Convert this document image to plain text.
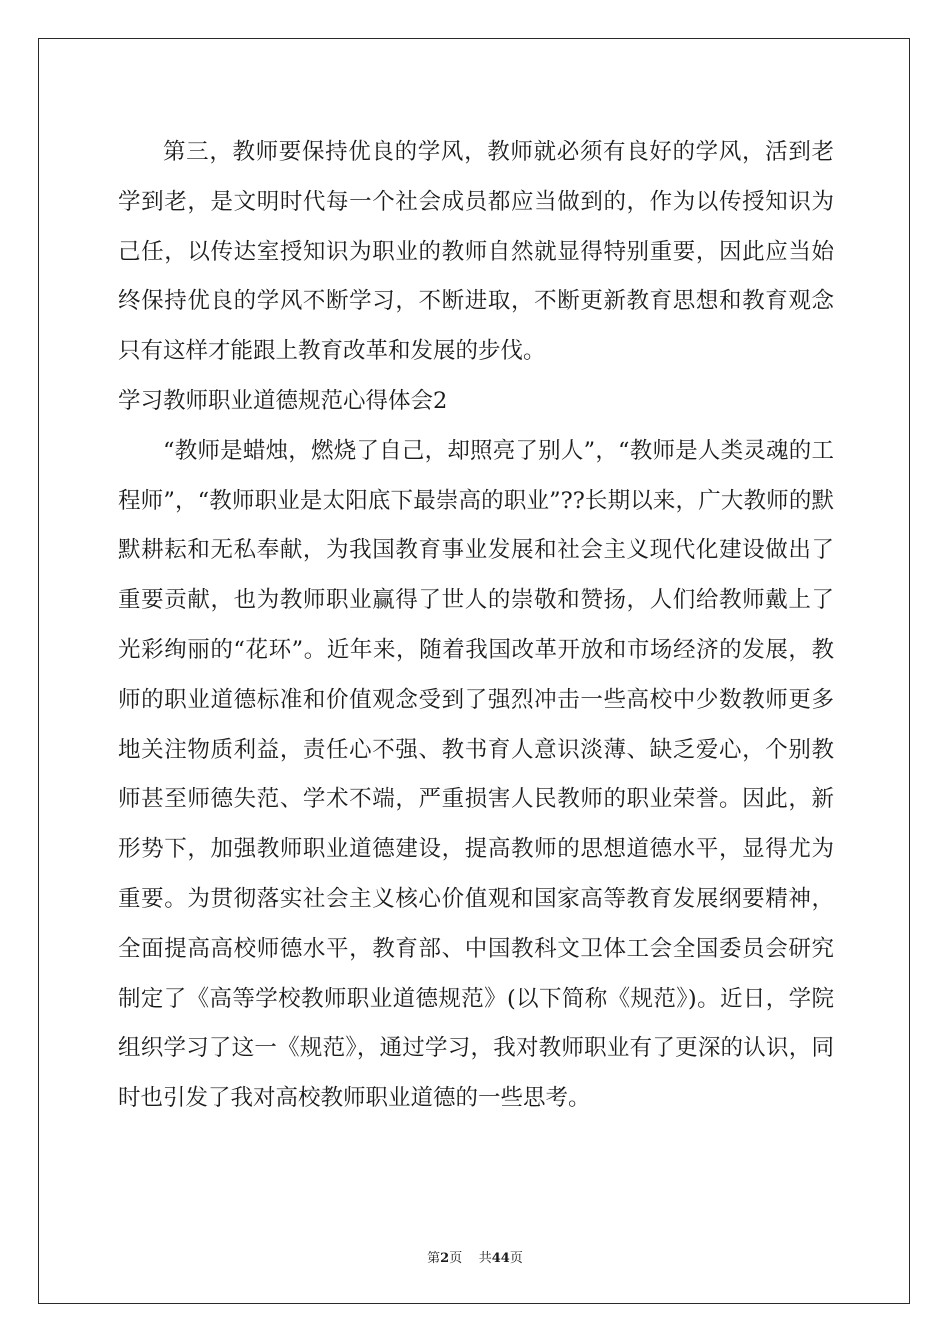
第三，教师要保持优良的学风，教师就必须有良好的学风，活到老学到老，是文明时代每一个社会成员都应当做到的，作为以传授知识为己任，以传达室授知识为职业的教师自然就显得特别重要，因此应当始终保持优良的学风不断学习，不断进取，不断更新教育思想和教育观念只有这样才能跟上教育改革和发展的步伐。

学习教师职业道德规范心得体会2

“教师是蜡烛，燃烧了自己，却照亮了别人”，“教师是人类灵魂的工程师”，“教师职业是太阳底下最崇高的职业”??长期以来，广大教师的默默耕耘和无私奉献，为我国教育事业发展和社会主义现代化建设做出了重要贡献，也为教师职业赢得了世人的崇敬和赞扬，人们给教师戴上了光彩绚丽的“花环”。近年来，随着我国改革开放和市场经济的发展，教师的职业道德标准和价值观念受到了强烈冲击一些高校中少数教师更多地关注物质利益，责任心不强、教书育人意识淡薄、缺乏爱心，个别教师甚至师德失范、学术不端，严重损害人民教师的职业荣誉。因此，新形势下，加强教师职业道德建设，提高教师的思想道德水平，显得尤为重要。为贯彻落实社会主义核心价值观和国家高等教育发展纲要精神，全面提高高校师德水平，教育部、中国教科文卫体工会全国委员会研究制定了《高等学校教师职业道德规范》(以下简称《规范》)。近日，学院组织学习了这一《规范》，通过学习，我对教师职业有了更深的认识，同时也引发了我对高校教师职业道德的一些思考。

第2页 共44页
